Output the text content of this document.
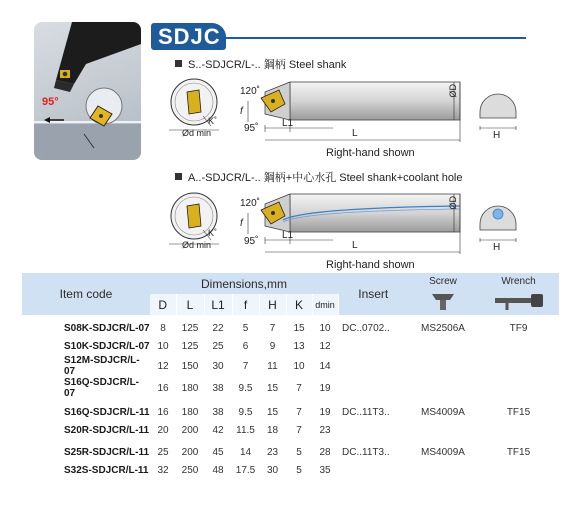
95°
SDJC
S..-SDJCR/L-.. 鋼柄 Steel shank
Ød min
K˚
120˚
95˚
f
L1
L
ØD
H
Right-hand shown
A..-SDJCR/L-.. 鋼柄+中心水孔 Steel shank+coolant hole
Ød min
K˚
120˚
95˚
f
L1
L
ØD
H
Right-hand shown
Item code	Dimensions,mm							Insert	Screw	Wrench

	D	L	L1	f	H	K	dmin			

S08K-SDJCR/L-07	8	125	22	5	7	15	10	DC..0702..	MS2506A	TF9
S10K-SDJCR/L-07	10	125	25	6	9	13	12			
S12M-SDJCR/L-07	12	150	30	7	11	10	14			
S16Q-SDJCR/L-07	16	180	38	9.5	15	7	19			

S16Q-SDJCR/L-11	16	180	38	9.5	15	7	19	DC..11T3..	MS4009A	TF15
S20R-SDJCR/L-11	20	200	42	11.5	18	7	23			

S25R-SDJCR/L-11	25	200	45	14	23	5	28	DC..11T3..	MS4009A	TF15
S32S-SDJCR/L-11	32	250	48	17.5	30	5	35			
